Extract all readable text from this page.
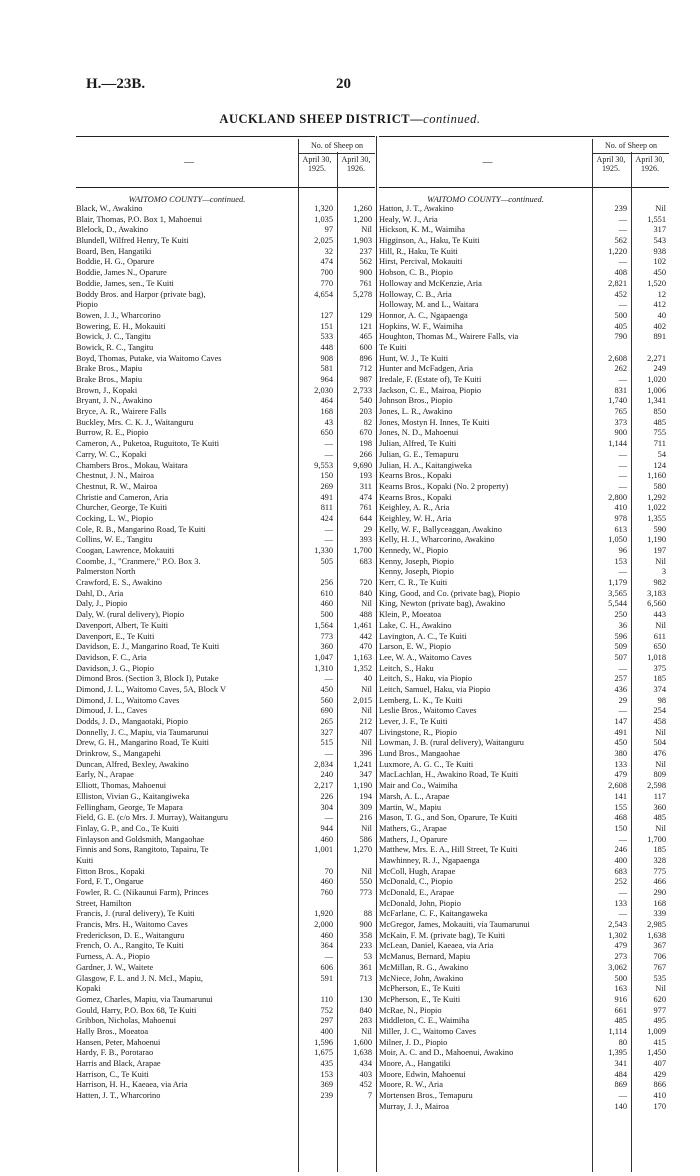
H.—23B.	20
AUCKLAND SHEEP DISTRICT—continued.
—
No. of Sheep on
April 30, 1925.
April 30, 1926.
WAITOMO COUNTY—continued.
Black, W., Awakino	1,320	1,260
Blair, Thomas, P.O. Box 1, Mahoenui	1,035	1,200
Blelock, D., Awakino	97	Nil
Blundell, Wilfred Henry, Te Kuiti	2,025	1,903
Board, Ben, Hangatiki	32	237
Boddie, H. G., Oparure	474	562
Boddie, James N., Oparure	700	900
Boddie, James, sen., Te Kuiti	770	761
Boddy Bros. and Harpor (private bag),	4,654	5,278
Piopio
Bowen, J. J., Wharcorino	127	129
Bowering, E. H., Mokauiti	151	121
Bowick, J. C., Tangitu	533	465
Bowick, R. C., Tangitu	448	600
Boyd, Thomas, Putake, via Waitomo Caves	908	896
Brake Bros., Mapiu	581	712
Brake Bros., Mapiu	964	987
Brown, J., Kopaki	2,030	2,733
Bryant, J. N., Awakino	464	540
Bryce, A. R., Wairere Falls	168	203
Buckley, Mrs. C. K. J., Waitanguru	43	82
Burrow, R. E., Piopio	650	670
Cameron, A., Puketoa, Ruguitoto, Te Kuiti	—	198
Carry, W. C., Kopaki	—	266
Chambers Bros., Mokau, Waitara	9,553	9,690
Chestnut, J. N., Mairoa	150	193
Chestnut, R. W., Mairoa	269	311
Christie and Cameron, Aria	491	474
Churcher, George, Te Kuiti	811	761
Cocking, L. W., Piopio	424	644
Cole, R. B., Mangarino Road, Te Kuiti	—	29
Collins, W. E., Tangitu	—	393
Coogan, Lawrence, Mokauiti	1,330	1,700
Coombe, J., "Cranmere," P.O. Box 3.	505	683
Palmerston North
Crawford, E. S., Awakino	256	720
Dahl, D., Aria	610	840
Daly, J., Piopio	460	Nil
Daly, W. (rural delivery), Piopio	500	488
Davenport, Albert, Te Kuiti	1,564	1,461
Davenport, E., Te Kuiti	773	442
Davidson, E. J., Mangarino Road, Te Kuiti	360	470
Davidson, F. C., Aria	1,047	1,163
Davidson, J. G., Piopio	1,310	1,352
Dimond Bros. (Section 3, Block I), Putake	—	40
Dimond, J. L., Waitomo Caves, 5A, Block V	450	Nil
Dimond, J. L., Waitomo Caves	560	2,015
Dimoud, J. L., Caves	690	Nil
Dodds, J. D., Mangaotaki, Piopio	265	212
Donnelly, J. C., Mapiu, via Taumarunui	327	407
Drew, G. H., Mangarino Road, Te Kuiti	515	Nil
Drinkrow, S., Mangapehi	—	396
Duncan, Alfred, Bexley, Awakino	2,834	1,241
Early, N., Arapae	240	347
Elliott, Thomas, Mahoenui	2,217	1,190
Elliston, Vivian G., Kaitangiweka	226	194
Fellingham, George, Te Mapara	304	309
Field, G. E. (c/o Mrs. J. Murray), Waitanguru	—	216
Finlay, G. P., and Co., Te Kuiti	944	Nil
Finlayson and Goldsmith, Mangaohae	460	586
Finnis and Sons, Rangitoto, Tapairu, Te	1,001	1,270
Kuiti
Fitton Bros., Kopaki	70	Nil
Ford, F. T., Ongarue	460	550
Fowler, R. C. (Nikaunui Farm), Princes	760	773
Street, Hamilton
Francis, J. (rural delivery), Te Kuiti	1,920	88
Francis, Mrs. H., Waitomo Caves	2,000	900
Frederickson, D. E., Waitanguru	460	358
French, O. A., Rangito, Te Kuiti	364	233
Furness, A. A., Piopio	—	53
Gardner, J. W., Waitete	606	361
Glasgow, F. L. and J. N. McI., Mapiu,	591	713
Kopaki
Gomez, Charles, Mapiu, via Taumarunui	110	130
Gould, Harry, P.O. Box 68, Te Kuiti	752	840
Gribbon, Nicholas, Mahoenui	297	283
Hally Bros., Moeatoa	400	Nil
Hansen, Peter, Mahoenui	1,596	1,600
Hardy, F. B., Porotarao	1,675	1,638
Harris and Black, Arapae	435	434
Harrison, C., Te Kuiti	153	403
Harrison, H. H., Kaeaea, via Aria	369	452
Hatten, J. T., Wharcorino	239	7
—
No. of Sheep on
April 30, 1925.
April 30, 1926.
WAITOMO COUNTY—continued.
Hatton, J. T., Awakino	239	Nil
Healy, W. J., Aria	—	1,551
Hickson, K. M., Waimiha	—	317
Higginson, A., Haku, Te Kuiti	562	543
Hill, R., Haku, Te Kuiti	1,220	938
Hirst, Percival, Mokauiti	—	102
Hobson, C. B., Piopio	408	450
Holloway and McKenzie, Aria	2,821	1,520
Holloway, C. B., Aria	452	12
Holloway, M. and L., Waitara	—	412
Honnor, A. C., Ngapaenga	500	40
Hopkins, W. F., Waimiha	405	402
Houghton, Thomas M., Wairere Falls, via	790	891
Te Kuiti
Hunt, W. J., Te Kuiti	2,608	2,271
Hunter and McFadgen, Aria	262	249
Iredale, F. (Estate of), Te Kuiti	—	1,020
Jackson, C. E., Mairoa, Piopio	831	1,006
Johnson Bros., Piopio	1,740	1,341
Jones, L. R., Awakino	765	850
Jones, Mostyn H. Innes, Te Kuiti	373	485
Jones, N. D., Mahoenui	900	755
Julian, Alfred, Te Kuiti	1,144	711
Julian, G. E., Temapuru	—	54
Julian, H. A., Kaitangiweka	—	124
Kearns Bros., Kopaki	—	1,160
Kearns Bros., Kopaki (No. 2 property)	—	580
Kearns Bros., Kopaki	2,800	1,292
Keighley, A. R., Aria	410	1,022
Keighley, W. H., Aria	978	1,355
Kelly, W. F., Ballyceaggan, Awakino	613	590
Kelly, H. J., Wharcorino, Awakino	1,050	1,190
Kennedy, W., Piopio	96	197
Kenny, Joseph, Piopio	153	Nil
Kenny, Joseph, Piopio	—	3
Kerr, C. R., Te Kuiti	1,179	982
King, Good, and Co. (private bag), Piopio	3,565	3,183
King, Newton (private bag), Awakino	5,544	6,560
Klein, P., Moeatoa	250	443
Lake, C. H., Awakino	36	Nil
Lavington, A. C., Te Kuiti	596	611
Larson, E. W., Piopio	509	650
Lee, W. A., Waitomo Caves	507	1,018
Leitch, S., Haku	—	375
Leitch, S., Haku, via Piopio	257	185
Leitch, Samuel, Haku, via Piopio	436	374
Lemberg, L. K., Te Kuiti	29	98
Leslie Bros., Waitomo Caves	—	254
Lever, J. F., Te Kuiti	147	458
Livingstone, R., Piopio	491	Nil
Lowman, J. B. (rural delivery), Waitanguru	450	504
Lund Bros., Mangaohae	380	476
Luxmore, A. G. C., Te Kuiti	133	Nil
MacLachlan, H., Awakino Road, Te Kuiti	479	809
Mair and Co., Waimiha	2,608	2,598
Marsh, A. L., Arapae	141	117
Martin, W., Mapiu	155	360
Mason, T. G., and Son, Oparure, Te Kuiti	468	485
Mathers, G., Arapae	150	Nil
Mathers, J., Oparure	—	1,700
Matthew, Mrs. E. A., Hill Street, Te Kuiti	246	185
Mawhinney, R. J., Ngapaenga	400	328
McColl, Hugh, Arapae	683	775
McDonald, C., Piopio	252	466
McDonald, E., Arapae	—	290
McDonald, John, Piopio	133	168
McFarlane, C. F., Kaitangaweka	—	339
McGregor, James, Mokauiti, via Taumarunui	2,543	2,985
McKain, F. M. (private bag), Te Kuiti	1,302	1,638
McLean, Daniel, Kaeaea, via Aria	479	367
McManus, Bernard, Mapiu	273	706
McMillan, R. G., Awakino	3,062	767
McNiece, John, Awakino	500	535
McPherson, E., Te Kuiti	163	Nil
McPherson, E., Te Kuiti	916	620
McRae, N., Piopio	661	977
Middleton, C. E., Waimiha	485	495
Miller, J. C., Waitomo Caves	1,114	1,009
Milner, J. D., Piopio	80	415
Moir, A. C. and D., Mahoenui, Awakino	1,395	1,450
Moore, A., Hangatiki	341	407
Moore, Edwin, Mahoenui	484	429
Moore, R. W., Aria	869	866
Mortensen Bros., Temapuru	—	410
Murray, J. J., Mairoa	140	170
